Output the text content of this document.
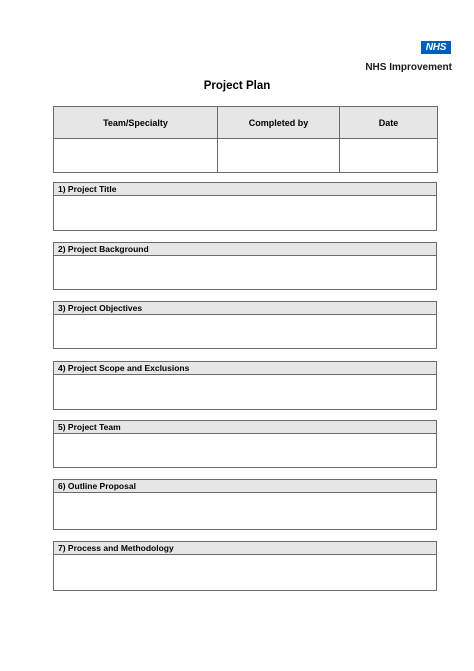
NHS
NHS Improvement
Project Plan
Team/Specialty	Completed by	Date

1) Project Title
2) Project Background
3) Project Objectives
4) Project Scope and Exclusions
5) Project Team
6) Outline Proposal
7) Process and Methodology
